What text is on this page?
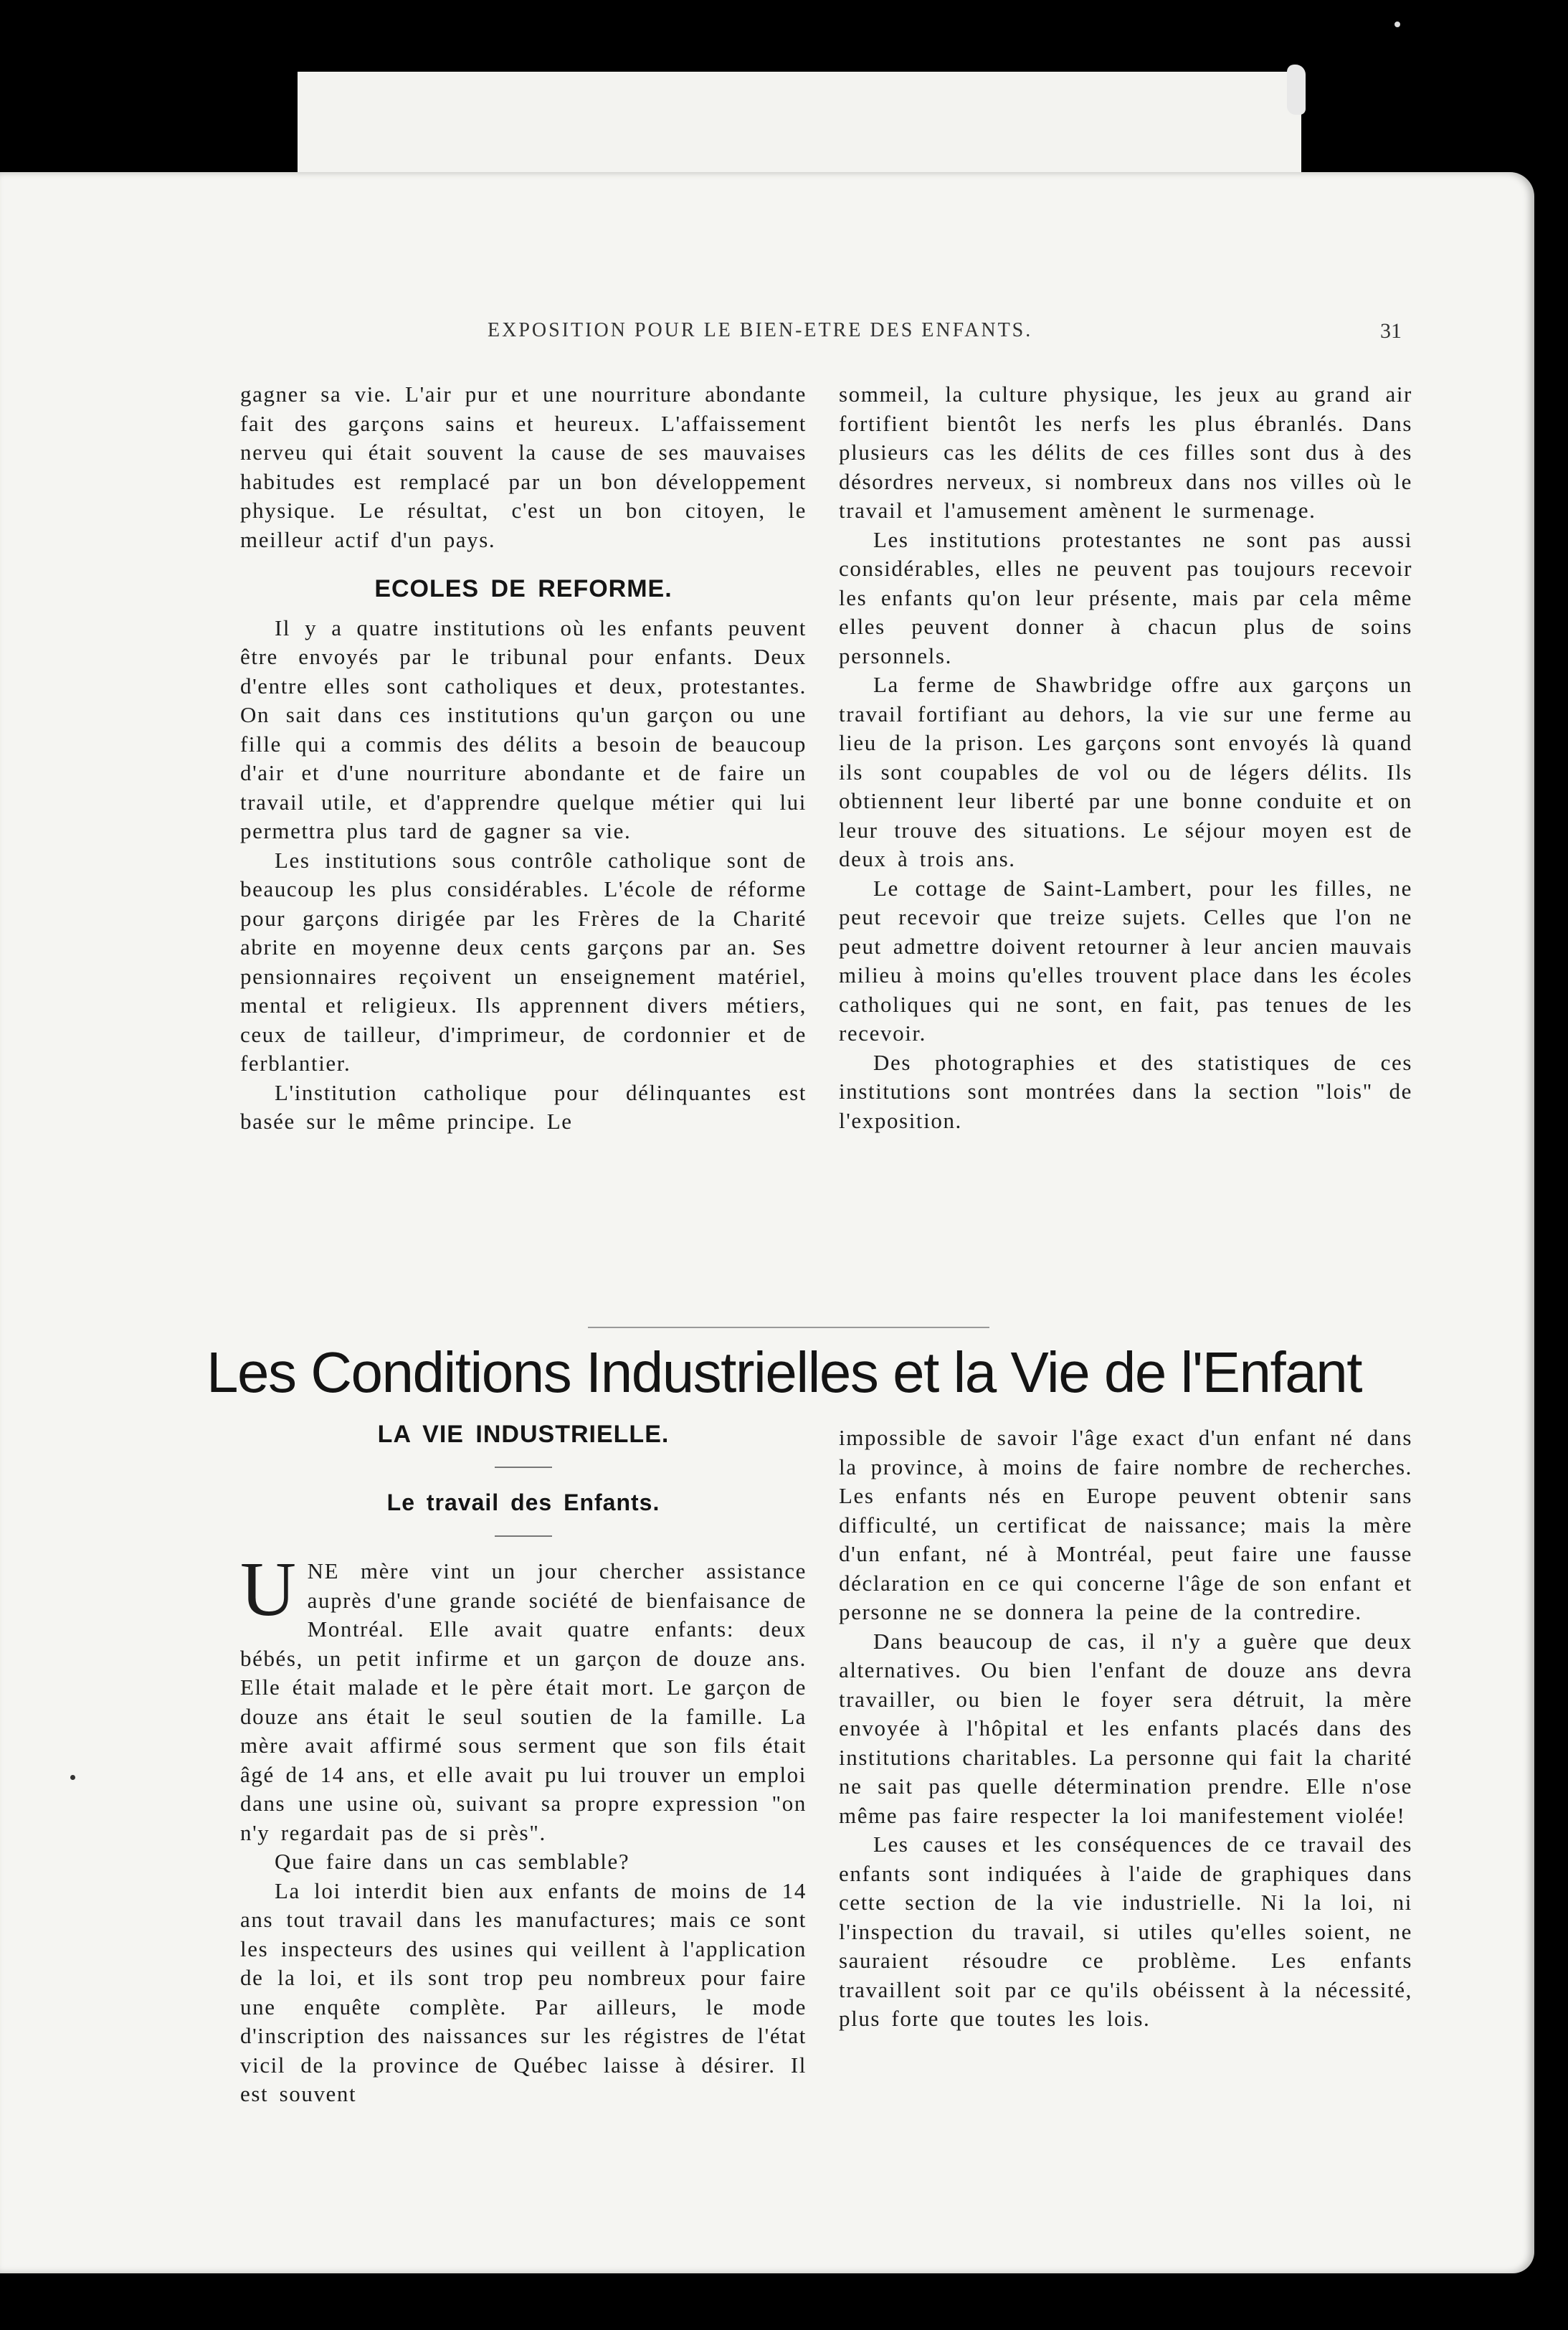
EXPOSITION POUR LE BIEN-ETRE DES ENFANTS.	31

gagner sa vie. L'air pur et une nourriture abondante fait des garçons sains et heureux. L'affaissement nerveu qui était souvent la cause de ses mauvaises habitudes est remplacé par un bon développement physique. Le résultat, c'est un bon citoyen, le meilleur actif d'un pays.

ECOLES DE REFORME.

Il y a quatre institutions où les enfants peuvent être envoyés par le tribunal pour enfants. Deux d'entre elles sont catholiques et deux, protestantes. On sait dans ces institutions qu'un garçon ou une fille qui a commis des délits a besoin de beaucoup d'air et d'une nourriture abondante et de faire un travail utile, et d'apprendre quelque métier qui lui permettra plus tard de gagner sa vie.

Les institutions sous contrôle catholique sont de beaucoup les plus considérables. L'école de réforme pour garçons dirigée par les Frères de la Charité abrite en moyenne deux cents garçons par an. Ses pensionnaires reçoivent un enseignement matériel, mental et religieux. Ils apprennent divers métiers, ceux de tailleur, d'imprimeur, de cordonnier et de ferblantier.

L'institution catholique pour délinquantes est basée sur le même principe. Le

sommeil, la culture physique, les jeux au grand air fortifient bientôt les nerfs les plus ébranlés. Dans plusieurs cas les délits de ces filles sont dus à des désordres nerveux, si nombreux dans nos villes où le travail et l'amusement amènent le surmenage.

Les institutions protestantes ne sont pas aussi considérables, elles ne peuvent pas toujours recevoir les enfants qu'on leur présente, mais par cela même elles peuvent donner à chacun plus de soins personnels.

La ferme de Shawbridge offre aux garçons un travail fortifiant au dehors, la vie sur une ferme au lieu de la prison. Les garçons sont envoyés là quand ils sont coupables de vol ou de légers délits. Ils obtiennent leur liberté par une bonne conduite et on leur trouve des situations. Le séjour moyen est de deux à trois ans.

Le cottage de Saint-Lambert, pour les filles, ne peut recevoir que treize sujets. Celles que l'on ne peut admettre doivent retourner à leur ancien mauvais milieu à moins qu'elles trouvent place dans les écoles catholiques qui ne sont, en fait, pas tenues de les recevoir.

Des photographies et des statistiques de ces institutions sont montrées dans la section "lois" de l'exposition.

Les Conditions Industrielles et la Vie de l'Enfant
LA VIE INDUSTRIELLE.
Le travail des Enfants.
U NE mère vint un jour chercher assistance auprès d'une grande société de bienfaisance de Montréal. Elle avait quatre enfants: deux bébés, un petit infirme et un garçon de douze ans. Elle était malade et le père était mort. Le garçon de douze ans était le seul soutien de la famille. La mère avait affirmé sous serment que son fils était âgé de 14 ans, et elle avait pu lui trouver un emploi dans une usine où, suivant sa propre expression "on n'y regardait pas de si près".

Que faire dans un cas semblable?

La loi interdit bien aux enfants de moins de 14 ans tout travail dans les manufactures; mais ce sont les inspecteurs des usines qui veillent à l'application de la loi, et ils sont trop peu nombreux pour faire une enquête complète. Par ailleurs, le mode d'inscription des naissances sur les régistres de l'état vicil de la province de Québec laisse à désirer. Il est souvent

impossible de savoir l'âge exact d'un enfant né dans la province, à moins de faire nombre de recherches. Les enfants nés en Europe peuvent obtenir sans difficulté, un certificat de naissance; mais la mère d'un enfant, né à Montréal, peut faire une fausse déclaration en ce qui concerne l'âge de son enfant et personne ne se donnera la peine de la contredire.

Dans beaucoup de cas, il n'y a guère que deux alternatives. Ou bien l'enfant de douze ans devra travailler, ou bien le foyer sera détruit, la mère envoyée à l'hôpital et les enfants placés dans des institutions charitables. La personne qui fait la charité ne sait pas quelle détermination prendre. Elle n'ose même pas faire respecter la loi manifestement violée!

Les causes et les conséquences de ce travail des enfants sont indiquées à l'aide de graphiques dans cette section de la vie industrielle. Ni la loi, ni l'inspection du travail, si utiles qu'elles soient, ne sauraient résoudre ce problème. Les enfants travaillent soit par ce qu'ils obéissent à la nécessité, plus forte que toutes les lois.
